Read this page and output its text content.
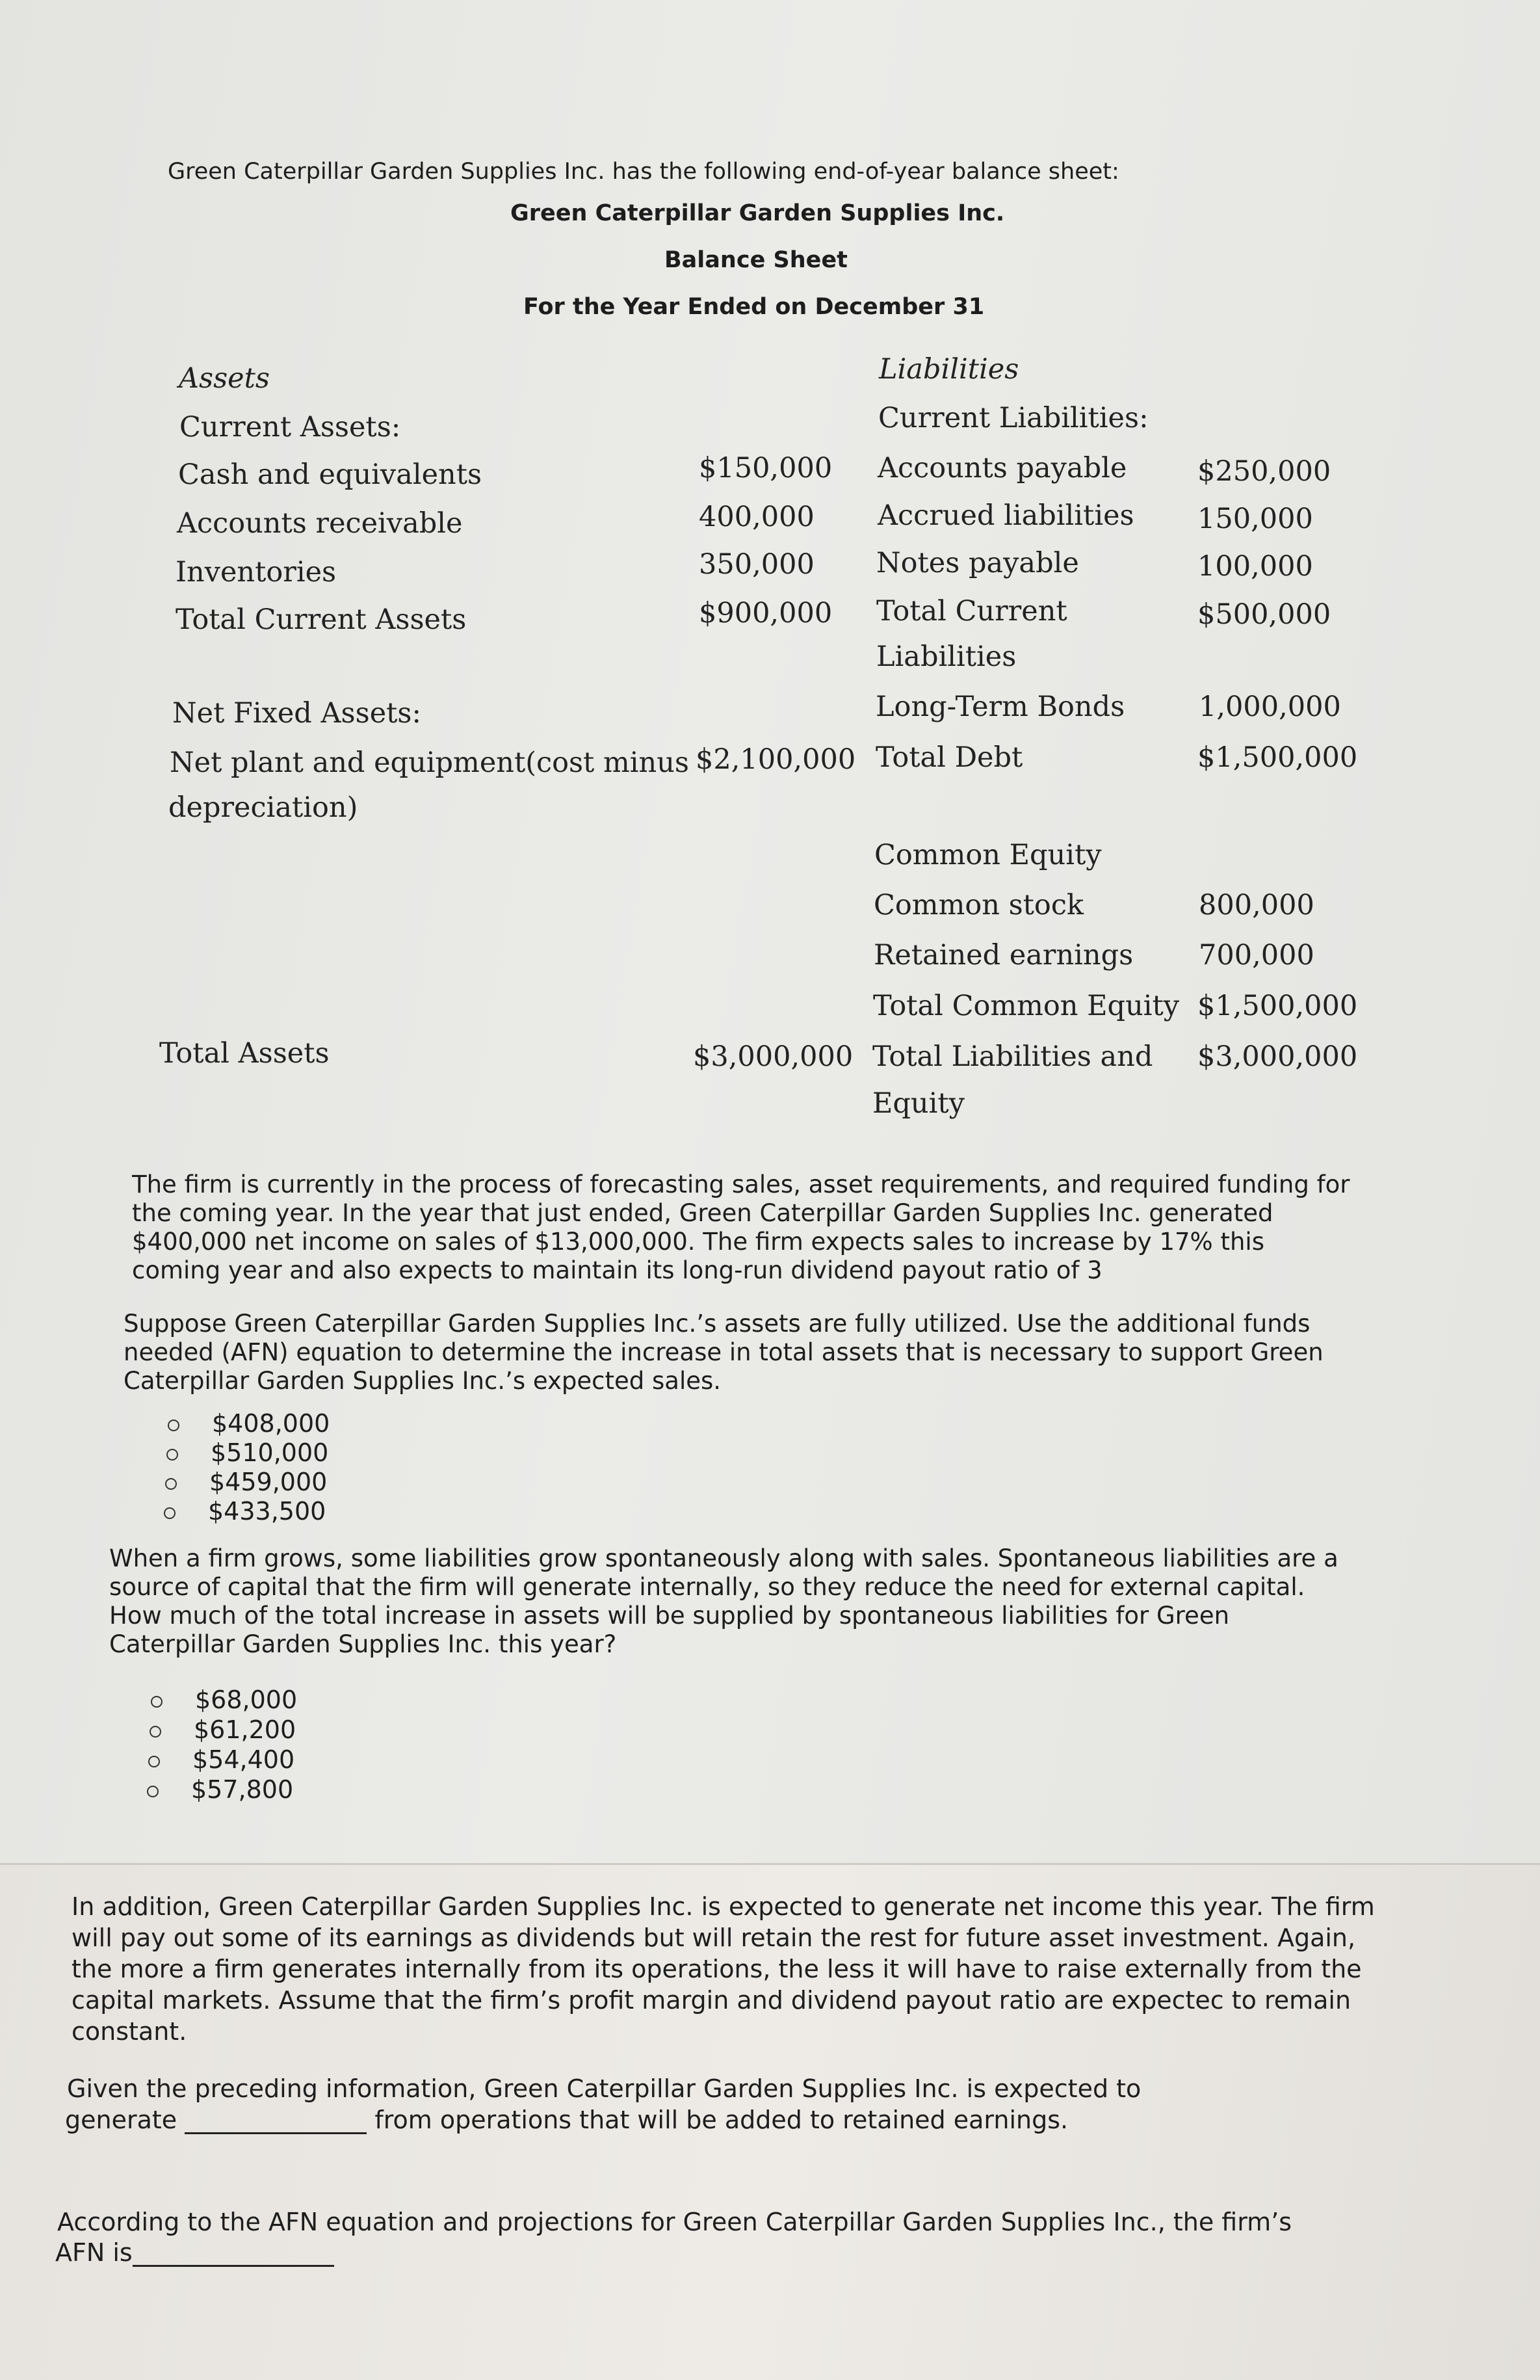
Green Caterpillar Garden Supplies Inc. has the following end-of-year balance sheet:
Green Caterpillar Garden Supplies Inc.
Balance Sheet
For the Year Ended on December 31
Assets
Current Assets:
Cash and equivalents	$150,000
Accounts receivable	400,000
Inventories	350,000
Total Current Assets	$900,000
Net Fixed Assets:
Net plant and equipment(cost minus
depreciation)
$2,100,000
Total Assets	$3,000,000
Liabilities
Current Liabilities:
Accounts payable	$250,000
Accrued liabilities 150,000
Notes payable	100,000
Total Current
Liabilities
$500,000
Long-Term Bonds	1,000,000
Total Debt	$1,500,000
Common Equity
Common stock	800,000
Retained earnings 700,000
Total Common Equity $1,500,000
Total Liabilities and
Equity
$3,000,000
The firm is currently in the process of forecasting sales, asset requirements, and required funding for the coming year. In the year that just ended, Green Caterpillar Garden Supplies Inc. generated $400,000 net income on sales of $13,000,000. The firm expects sales to increase by 17% this coming year and also expects to maintain its long-run dividend payout ratio of 3
Suppose Green Caterpillar Garden Supplies Inc.’s assets are fully utilized. Use the additional funds needed (AFN) equation to determine the increase in total assets that is necessary to support Green Caterpillar Garden Supplies Inc.’s expected sales.
$408,000
$510,000
$459,000
$433,500
When a firm grows, some liabilities grow spontaneously along with sales. Spontaneous liabilities are a source of capital that the firm will generate internally, so they reduce the need for external capital. How much of the total increase in assets will be supplied by spontaneous liabilities for Green Caterpillar Garden Supplies Inc. this year?
$68,000
$61,200
$54,400
$57,800
In addition, Green Caterpillar Garden Supplies Inc. is expected to generate net income this year. The firm will pay out some of its earnings as dividends but will retain the rest for future asset investment. Again, the more a firm generates internally from its operations, the less it will have to raise externally from the capital markets. Assume that the firm’s profit margin and dividend payout ratio are expectec to remain constant.
Given the preceding information, Green Caterpillar Garden Supplies Inc. is expected to
generate	from operations that will be added to retained earnings.
According to the AFN equation and projections for Green Caterpillar Garden Supplies Inc., the firm’s
AFN is
